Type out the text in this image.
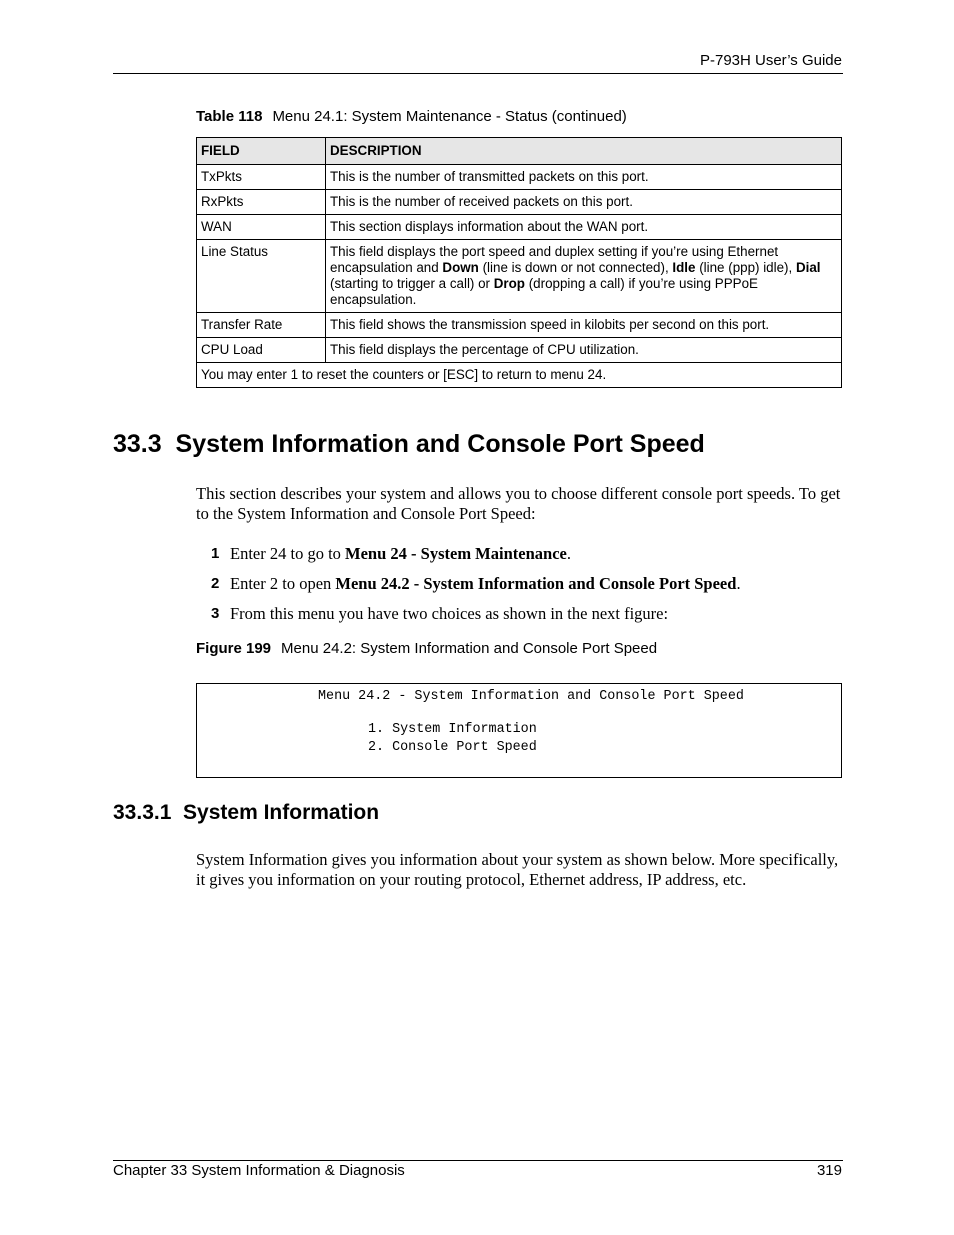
P-793H User’s Guide
Table 118 Menu 24.1: System Maintenance - Status (continued)
FIELD	DESCRIPTION
TxPkts	This is the number of transmitted packets on this port.
RxPkts	This is the number of received packets on this port.
WAN	This section displays information about the WAN port.
Line Status	This field displays the port speed and duplex setting if you’re using Ethernet encapsulation and Down (line is down or not connected), Idle (line (ppp) idle), Dial (starting to trigger a call) or Drop (dropping a call) if you’re using PPPoE encapsulation.
Transfer Rate	This field shows the transmission speed in kilobits per second on this port.
CPU Load	This field displays the percentage of CPU utilization.
You may enter 1 to reset the counters or [ESC] to return to menu 24.	
33.3  System Information and Console Port Speed
This section describes your system and allows you to choose different console port speeds. To get to the System Information and Console Port Speed:
1 Enter 24 to go to Menu 24 - System Maintenance.
2 Enter 2 to open Menu 24.2 - System Information and Console Port Speed.
3 From this menu you have two choices as shown in the next figure:
Figure 199 Menu 24.2: System Information and Console Port Speed
Menu 24.2 - System Information and Console Port Speed
1. System Information
2. Console Port Speed
33.3.1  System Information
System Information gives you information about your system as shown below. More specifically, it gives you information on your routing protocol, Ethernet address, IP address, etc.
Chapter 33 System Information & Diagnosis	319
